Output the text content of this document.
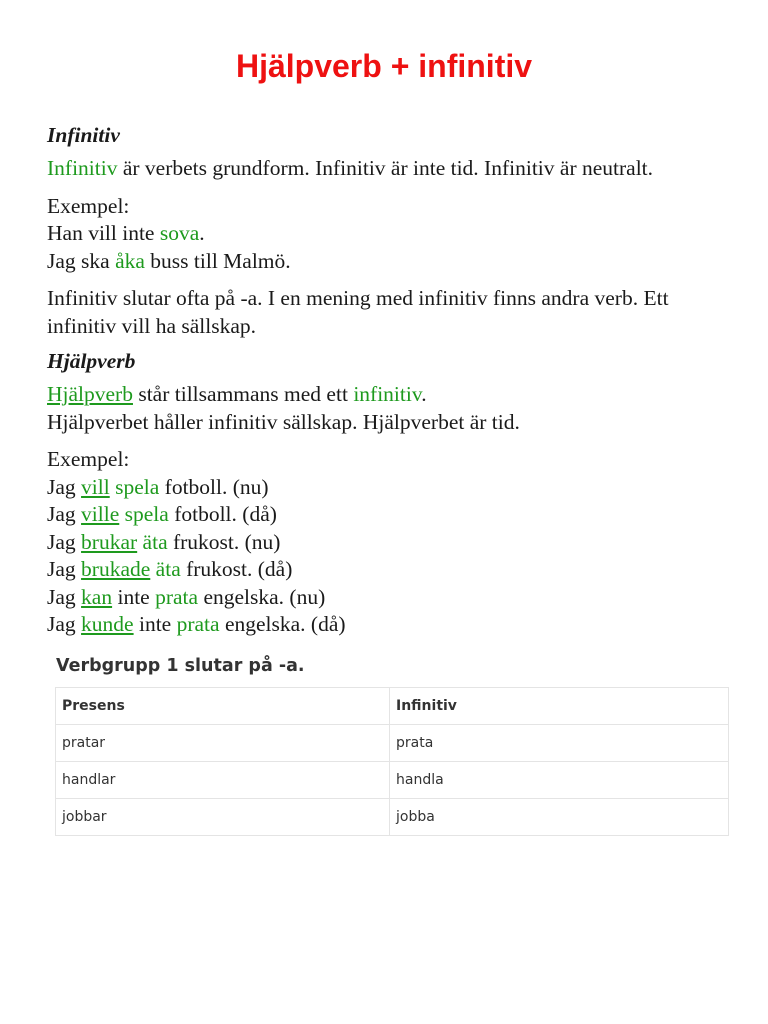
Hjälpverb + infinitiv
Infinitiv

Infinitiv är verbets grundform. Infinitiv är inte tid. Infinitiv är neutralt.

Exempel:

Han vill inte sova.

Jag ska åka buss till Malmö.

Infinitiv slutar ofta på -a. I en mening med infinitiv finns andra verb. Ett infinitiv vill ha sällskap.

Hjälpverb

Hjälpverb står tillsammans med ett infinitiv.

Hjälpverbet håller infinitiv sällskap. Hjälpverbet är tid.

Exempel:

Jag vill spela fotboll. (nu)

Jag ville spela fotboll. (då)

Jag brukar äta frukost. (nu)

Jag brukade äta frukost. (då)

Jag kan inte prata engelska. (nu)

Jag kunde inte prata engelska. (då)

Verbgrupp 1 slutar på -a.

Presens	Infinitiv
pratar	prata
handlar	handla
jobbar	jobba
